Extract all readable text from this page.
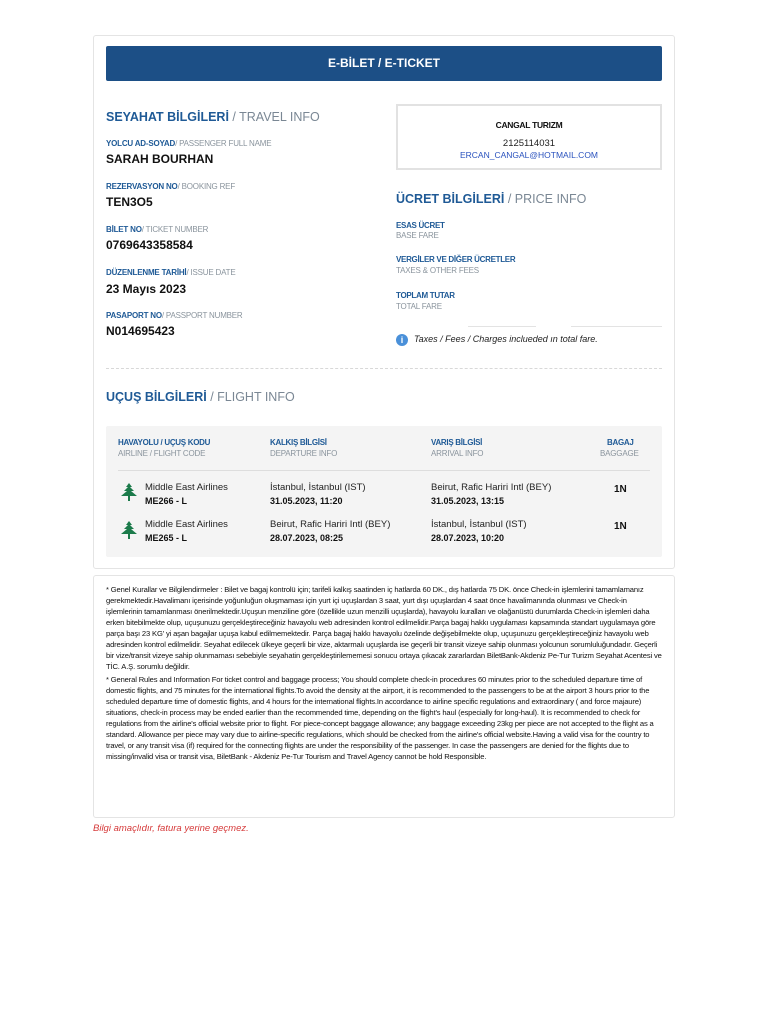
E-BİLET / E-TICKET
SEYAHAT BİLGİLERİ / TRAVEL INFO
YOLCU AD-SOYAD/ PASSENGER FULL NAME
SARAH BOURHAN
REZERVASYON NO/ BOOKING REF
TEN3O5
BİLET NO/ TICKET NUMBER
0769643358584
DÜZENLENME TARİHİ/ ISSUE DATE
23 Mayıs 2023
PASAPORT NO/ PASSPORT NUMBER
N014695423
CANGAL TURIZM
2125114031
ERCAN_CANGAL@HOTMAIL.COM
ÜCRET BİLGİLERİ / PRICE INFO
ESAS ÜCRET
BASE FARE
VERGİLER VE DİĞER ÜCRETLER
TAXES & OTHER FEES
TOPLAM TUTAR
TOTAL FARE
i	Taxes / Fees / Charges inclueded ın total fare.
UÇUŞ BİLGİLERİ / FLIGHT INFO
HAVAYOLU / UÇUŞ KODU
AIRLINE / FLIGHT CODE
KALKIŞ BİLGİSİ
DEPARTURE INFO
VARIŞ BİLGİSİ
ARRIVAL INFO
BAGAJ
BAGGAGE
Middle East Airlines
ME266 - L
İstanbul, İstanbul (IST)
31.05.2023, 11:20
Beirut, Rafic Hariri Intl (BEY)
31.05.2023, 13:15
1N
Middle East Airlines
ME265 - L
Beirut, Rafic Hariri Intl (BEY)
28.07.2023, 08:25
İstanbul, İstanbul (IST)
28.07.2023, 10:20
1N

* Genel Kurallar ve Bilgilendirmeler : Bilet ve bagaj kontrolü için; tarifeli kalkış saatinden iç hatlarda 60 DK., dış hatlarda 75 DK. önce Check-in işlemlerini tamamlamanız gerekmektedir.Havalimanı içerisinde yoğunluğun oluşmaması için yurt içi uçuşlardan 3 saat, yurt dışı uçuşlardan 4 saat önce havalimanında olunması ve Check-in işlemlerinin tamamlanması önerilmektedir.Uçuşun menziline göre (özellikle uzun menzilli uçuşlarda), havayolu kuralları ve olağanüstü durumlarda Check-in işlemleri daha erken bitebilmekte olup, uçuşunuzu gerçekleştireceğiniz havayolu web adresinden kontrol edilmelidir.Parça bagaj hakkı uygulaması kapsamında standart uygulamaya göre parça başı 23 KG' yi aşan bagajlar uçuşa kabul edilmemektedir. Parça bagaj hakkı havayolu özelinde değişebilmekte olup, uçuşunuzu gerçekleştireceğiniz havayolu web adresinden kontrol edilmelidir. Seyahat edilecek ülkeye geçerli bir vize, aktarmalı uçuşlarda ise geçerli bir transit vizeye sahip olunması yolcunun sorumluluğundadır. Geçerli bir vize/transit vizeye sahip olunmaması sebebiyle seyahatin gerçekleştirilememesi sonucu ortaya çıkacak zararlardan BiletBank-Akdeniz Pe-Tur Turizm Seyahat Acentesi ve TİC. A.Ş. sorumlu değildir.

* General Rules and Information For ticket control and baggage process; You should complete check-in procedures 60 minutes prior to the scheduled departure time of domestic flights, and 75 minutes for the international flights.To avoid the density at the airport, it is recommended to the passengers to be at the airport 3 hours prior to the scheduled departure time of domestic flights, and 4 hours for the international flights.In accordance to airline specific regulations and extraordinary ( and force majaure) situations, check-in process may be ended earlier than the recommended time, depending on the flight's haul (especially for long-haul). It is recommended to check for regulations from the airline's official website prior to flight. For piece-concept baggage allowance; any baggage exceeding 23kg per piece are not accepted to the flight as a standard. Allowance per piece may vary due to airline-specific regulations, which should be checked from the airline's official website.Having a valid visa for the country to travel, or any transit visa (if) required for the connecting flights are under the responsibility of the passenger. In case the passengers are denied for the flights due to missing/invalid visa or transit visa, BiletBank - Akdeniz Pe-Tur Tourism and Travel Agency cannot be hold Responsible.

Bilgi amaçlıdır, fatura yerine geçmez.
